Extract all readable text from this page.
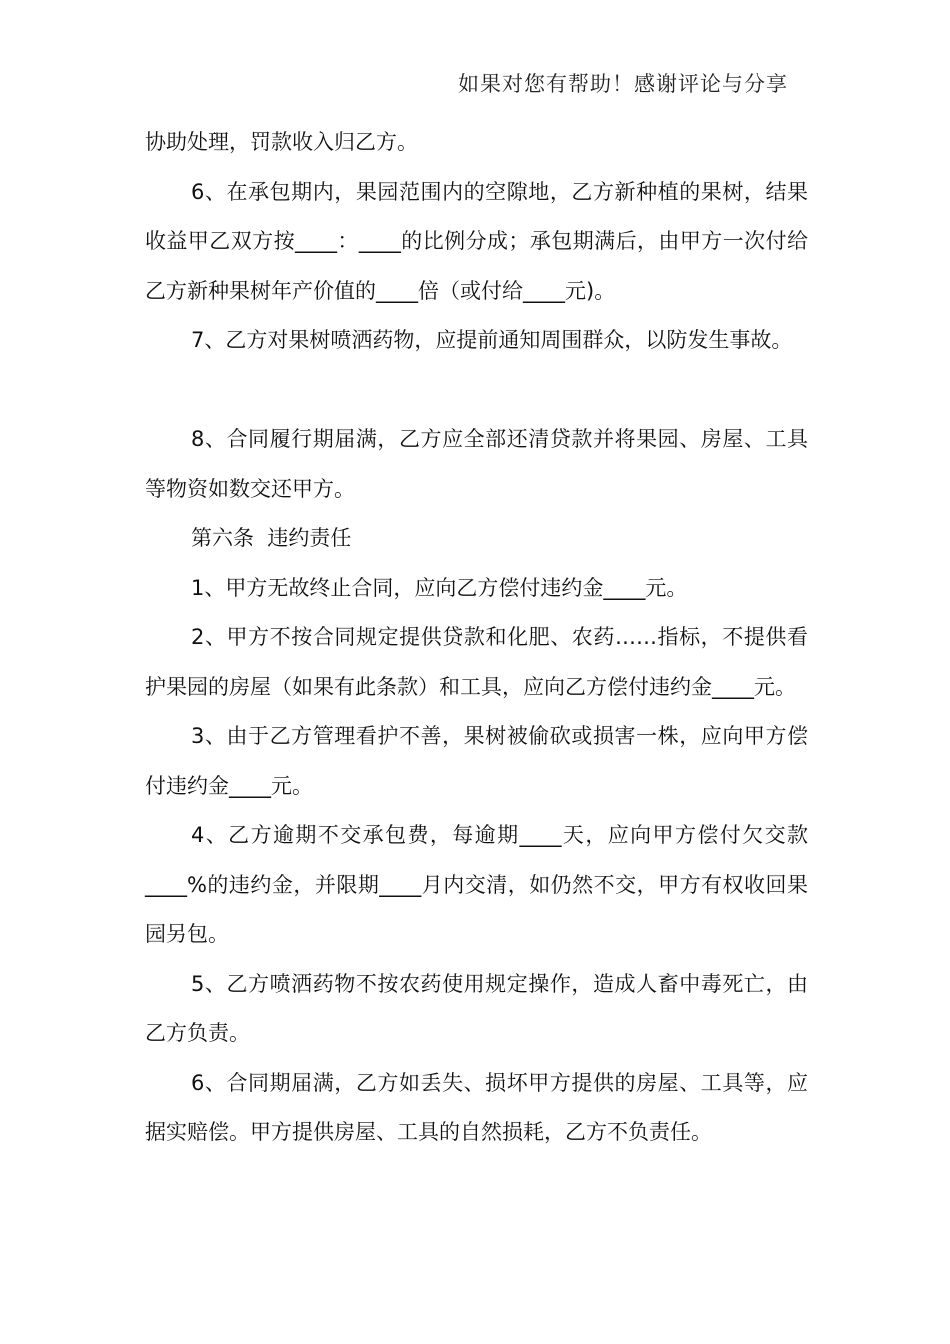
如果对您有帮助！感谢评论与分享

协助处理，罚款收入归乙方。

6、在承包期内，果园范围内的空隙地，乙方新种植的果树，结果收益甲乙双方按____：____的比例分成；承包期满后，由甲方一次付给乙方新种果树年产价值的____倍（或付给____元)。

7、乙方对果树喷洒药物，应提前通知周围群众，以防发生事故。

8、合同履行期届满，乙方应全部还清贷款并将果园、房屋、工具等物资如数交还甲方。

第六条  违约责任

1、甲方无故终止合同，应向乙方偿付违约金____元。

2、甲方不按合同规定提供贷款和化肥、农药……指标，不提供看护果园的房屋（如果有此条款）和工具，应向乙方偿付违约金____元。

3、由于乙方管理看护不善，果树被偷砍或损害一株，应向甲方偿付违约金____元。

4、乙方逾期不交承包费，每逾期____天，应向甲方偿付欠交款____%的违约金，并限期____月内交清，如仍然不交，甲方有权收回果园另包。

5、乙方喷洒药物不按农药使用规定操作，造成人畜中毒死亡，由乙方负责。

6、合同期届满，乙方如丢失、损坏甲方提供的房屋、工具等，应据实赔偿。甲方提供房屋、工具的自然损耗，乙方不负责任。
